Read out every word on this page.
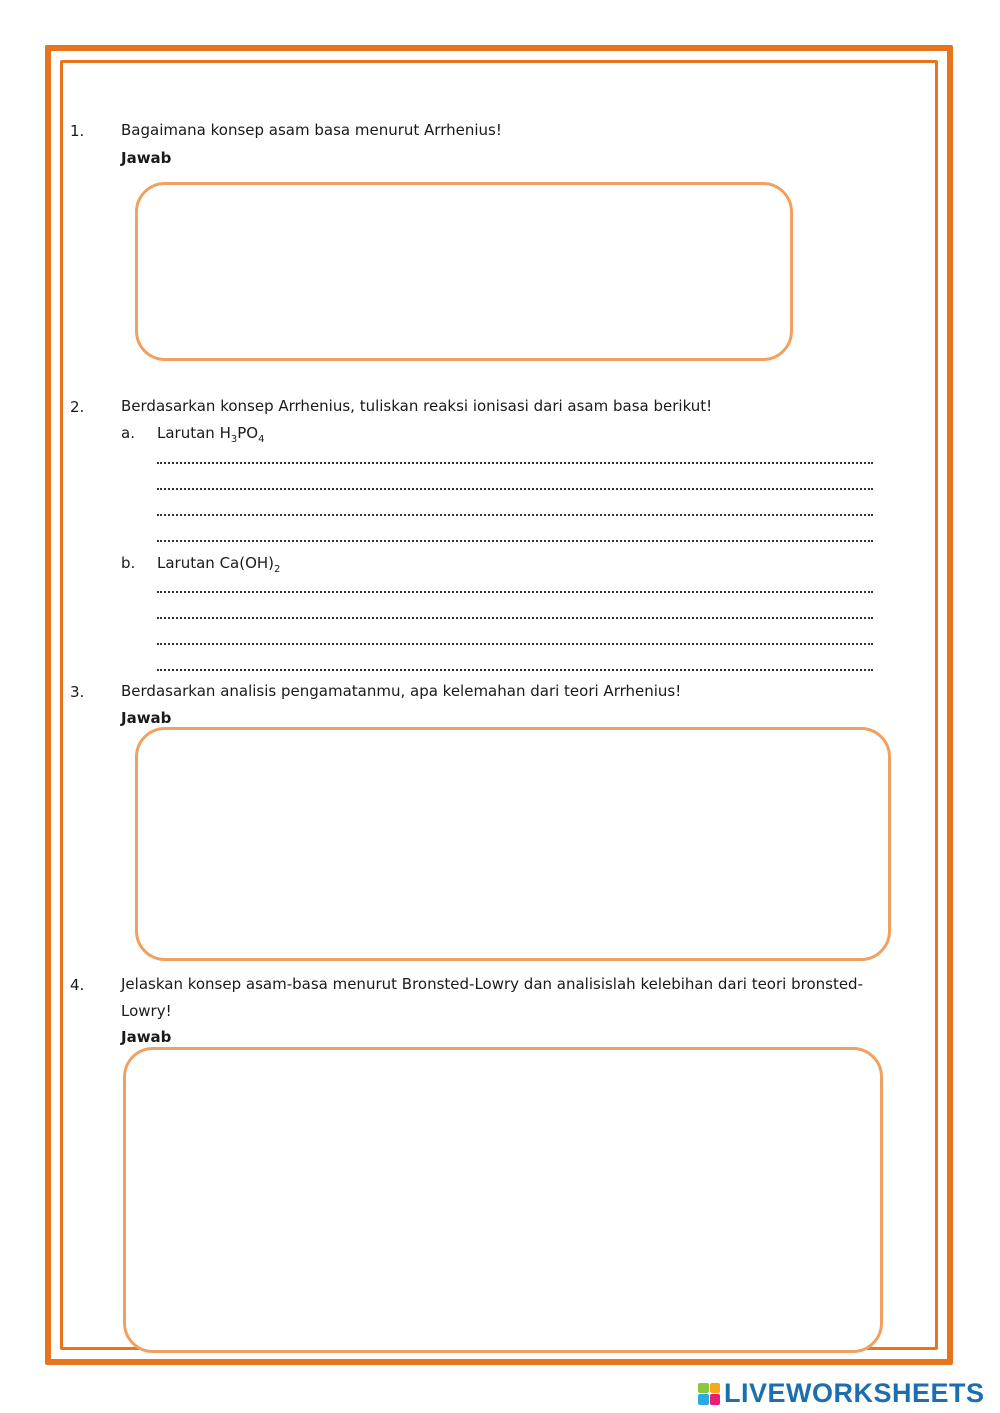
1. Bagaimana konsep asam basa menurut Arrhenius!
Jawab
2. Berdasarkan konsep Arrhenius, tuliskan reaksi ionisasi dari asam basa berikut!
a. Larutan $H_3PO_4$
b. Larutan $Ca(OH)_2$
3. Berdasarkan analisis pengamatanmu, apa kelemahan dari teori Arrhenius!
Jawab
4. Jelaskan konsep asam-basa menurut Bronsted-Lowry dan analisislah kelebihan dari teori bronsted-Lowry!
Jawab
LIVEWORKSHEETS
